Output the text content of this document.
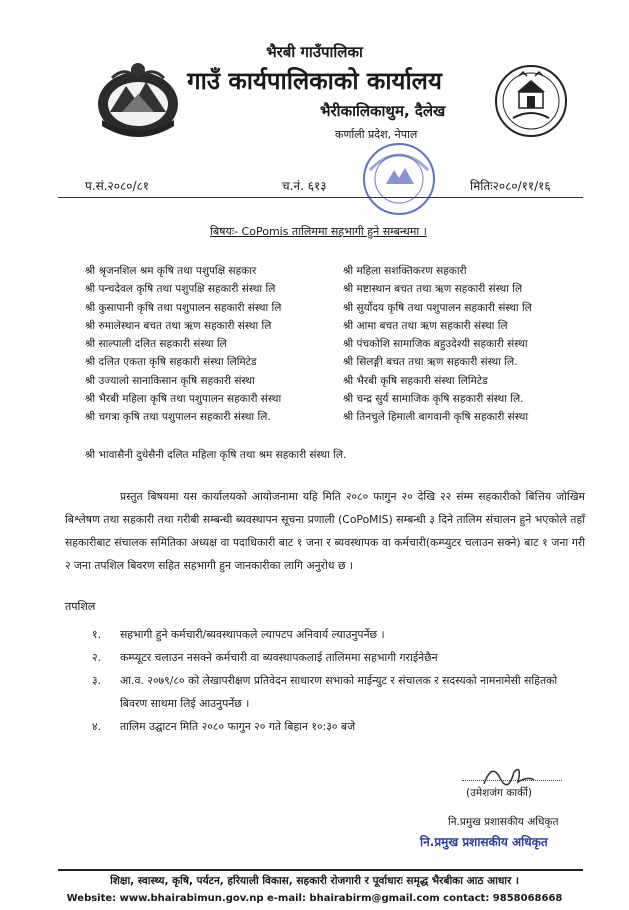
भैरबी गाउँपालिका
गाउँ कार्यपालिकाको कार्यालय
भैरीकालिकाथुम, दैलेख
कर्णाली प्रदेश, नेपाल
प.सं.२०८०/८१	च.नं. ६१३	मितिः२०८०/११/१६
बिषयः- CoPomis तालिममा सहभागी हुने सम्बन्धमा ।
श्री श्रृजनशिल श्रम कृषि तथा पशुपक्षि सहकार
श्री पन्चदेवल कृषि तथा पशुपक्षि सहकारी संस्था लि
श्री कुसापानी कृषि तथा पशुपालन सहकारी संस्था लि
श्री रुमालेस्थान बचत तथा ऋण सहकारी संस्था लि
श्री साल्पाली दलित सहकारी संस्था लि
श्री दलित एकता कृषि सहकारी संस्था लिमिटेड
श्री उज्यालो सानाकिसान कृषि सहकारी संस्था
श्री भैरबी महिला कृषि तथा पशुपालन सहकारी संस्था
श्री चगत्रा कृषि तथा पशुपालन सहकारी संस्था लि.
श्री महिला सशक्तिकरण सहकारी
श्री मष्टास्थान बचत तथा ऋण सहकारी संस्था लि
श्री सुर्योदय कृषि तथा पशुपालन सहकारी संस्था लि
श्री आमा बचत तथा ऋण सहकारी संस्था लि
श्री पंचकोशि सामाजिक बहुउदेश्यी सहकारी संस्था
श्री सिलङ्गी बचत तथा ऋण सहकारी संस्था लि.
श्री भैरबी कृषि सहकारी संस्था लिमिटेड
श्री चन्द्र सुर्य सामाजिक कृषि सहकारी संस्था लि.
श्री तिनचुले हिमाली बागवानी कृषि सहकारी संस्था
श्री भावासैनी दुधेसैनी दलित महिला कृषि तथा श्रम सहकारी संस्था लि.
प्रस्तुत बिषयमा यस कार्यालयको आयोजनामा यहि मिति २०८० फागुन २० देखि २२ संम्म सहकारीको बित्तिय जोखिम बिश्लेषण तथा सहकारी तथा गरीबी सम्बन्धी ब्यवस्थापन सूचना प्रणाली (CoPoMIS) सम्बन्धी ३ दिने तालिम संचालन हुने भएकोले तहाँ सहकारीबाट संचालक समितिका अध्यक्ष वा पदाधिकारी बाट १ जना र ब्यवस्थापक वा कर्मचारी(कम्प्युटर चलाउन सक्ने) बाट १ जना गरी २ जना तपशिल बिवरण सहित सहभागी हुन जानकारीका लागि अनुरोध छ ।
तपशिल
१.	सहभागी हुने कर्मचारी/ब्यवस्थापकले ल्यापटप अनिवार्य ल्याउनुपर्नेछ ।
२.	कम्प्यूटर चलाउन नसक्ने कर्मचारी वा ब्यवस्थापकलाई तालिममा सहभागी गराईनेछैन
३.	आ.व. २०७९/८० को लेखापरीक्षण प्रतिवेदन साधारण सभाको माईन्युट र संचालक र सदस्यको नामनामेसी सहितको बिवरण साथमा लिई आउनुपर्नेछ ।
४.	तालिम उद्घाटन मिति २०८० फागुन २० गते बिहान १०:३० बजे
(उमेशजंग कार्की)
नि.प्रमुख प्रशासकीय अधिकृत
नि.प्रमुख प्रशासकीय अधिकृत
शिक्षा, स्वास्थ्य, कृषि, पर्यटन, हरियाली विकास, सहकारी रोजगारी र पूर्वाधारः समृद्ध भैरबीका आठ आधार ।
Website: www.bhairabimun.gov.np e-mail: bhairabirm@gmail.com contact: 9858068668
